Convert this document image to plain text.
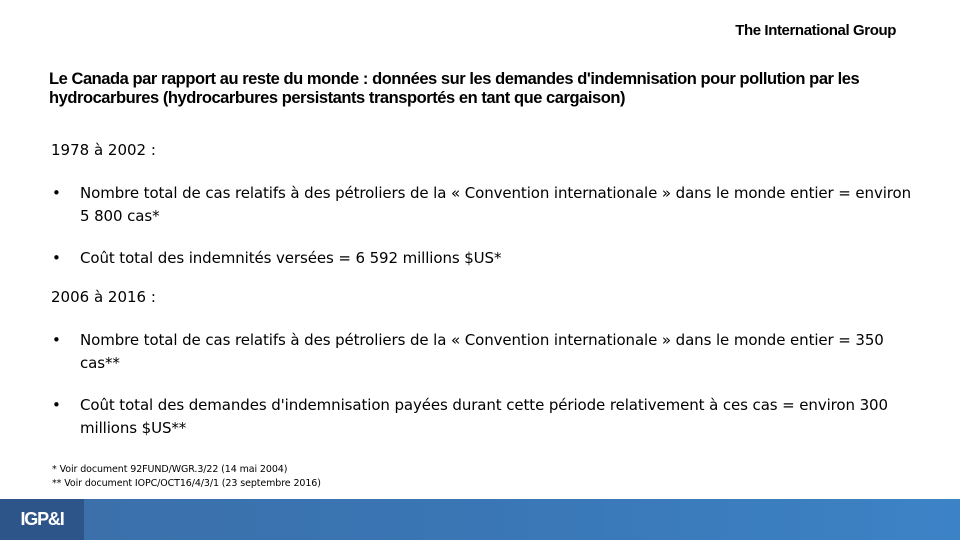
The International Group
Le Canada par rapport au reste du monde : données sur les demandes d'indemnisation pour pollution par les hydrocarbures (hydrocarbures persistants transportés en tant que cargaison)
1978 à 2002 :
• Nombre total de cas relatifs à des pétroliers de la « Convention internationale » dans le monde entier = environ 5 800 cas*
• Coût total des indemnités versées = 6 592 millions $US*
2006 à 2016 :
• Nombre total de cas relatifs à des pétroliers de la « Convention internationale » dans le monde entier = 350 cas**
• Coût total des demandes d'indemnisation payées durant cette période relativement à ces cas = environ 300 millions $US**
* Voir document 92FUND/WGR.3/22 (14 mai 2004)
** Voir document IOPC/OCT16/4/3/1 (23 septembre 2016)
IGP&I
